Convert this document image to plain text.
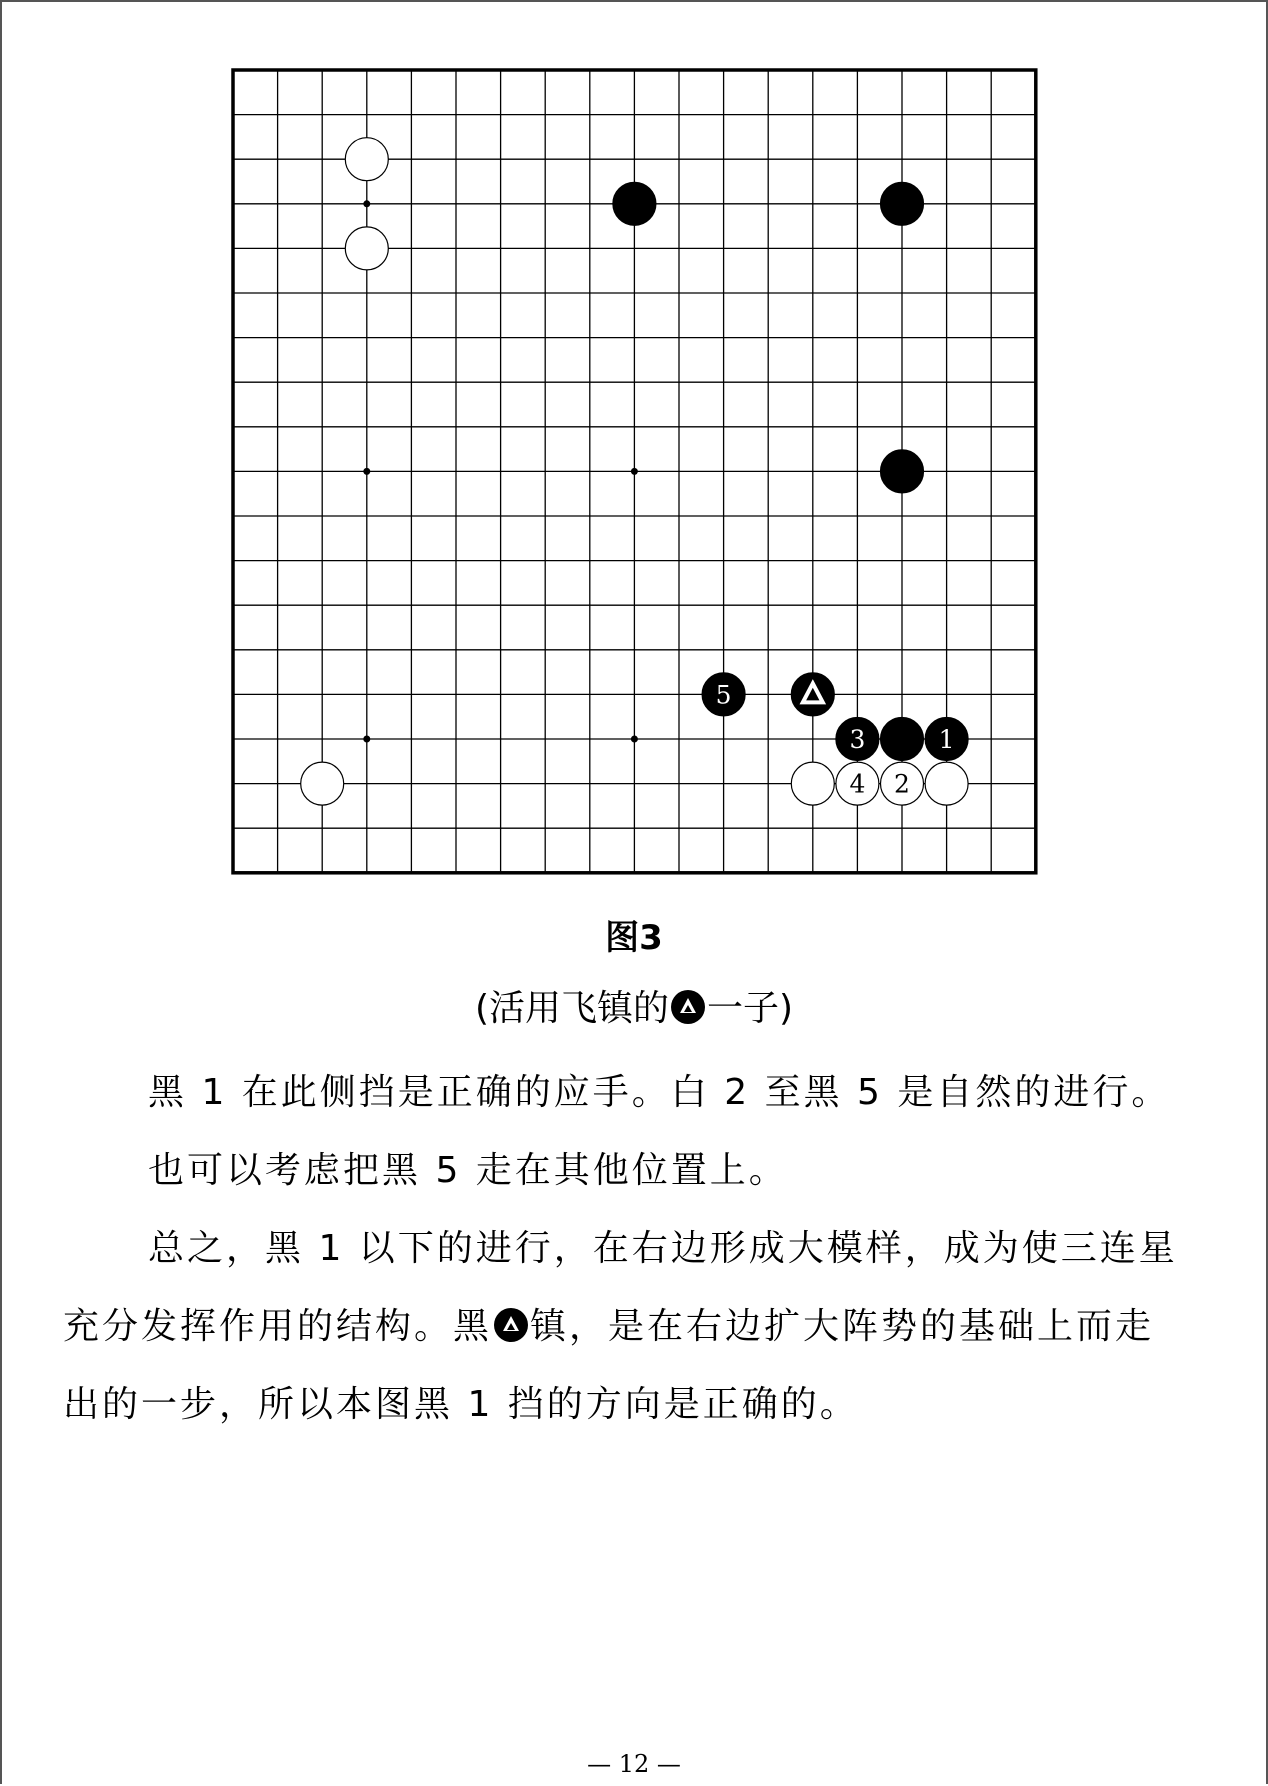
5
3	1
4 2
图3
(活用飞镇的 一子)
黑 1 在此侧挡是正确的应手。白 2 至黑 5 是自然的进行。
也可以考虑把黑 5 走在其他位置上。
总之，黑 1 以下的进行，在右边形成大模样，成为使三连星
充分发挥作用的结构。黑 镇，是在右边扩大阵势的基础上而走
出的一步，所以本图黑 1 挡的方向是正确的。
— 12 —
